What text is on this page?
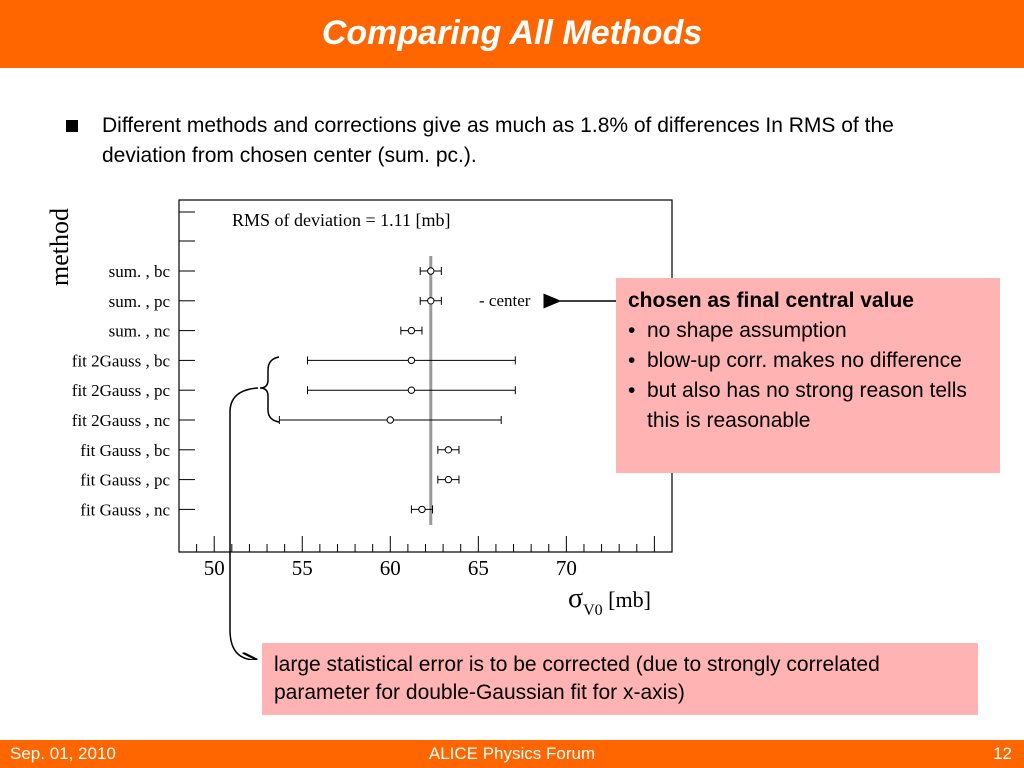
Comparing All Methods
Different methods and corrections give as much as 1.8% of differences In RMS of the deviation from chosen center (sum. pc.).
sum. , bc
sum. , pc
sum. , nc
fit 2Gauss , bc
fit 2Gauss , pc
fit 2Gauss , nc
fit Gauss , bc
fit Gauss , pc
fit Gauss , nc
50	55	60	65	70
RMS of deviation = 1.11 [mb]
- center
method
$\sigma_{V0}$ [mb]
chosen as final central value
• no shape assumption
• blow-up corr. makes no difference
• but also has no strong reason tells this is reasonable
large statistical error is to be corrected (due to strongly correlated parameter for double-Gaussian fit for x-axis)
Sep. 01, 2010	ALICE Physics Forum	12
